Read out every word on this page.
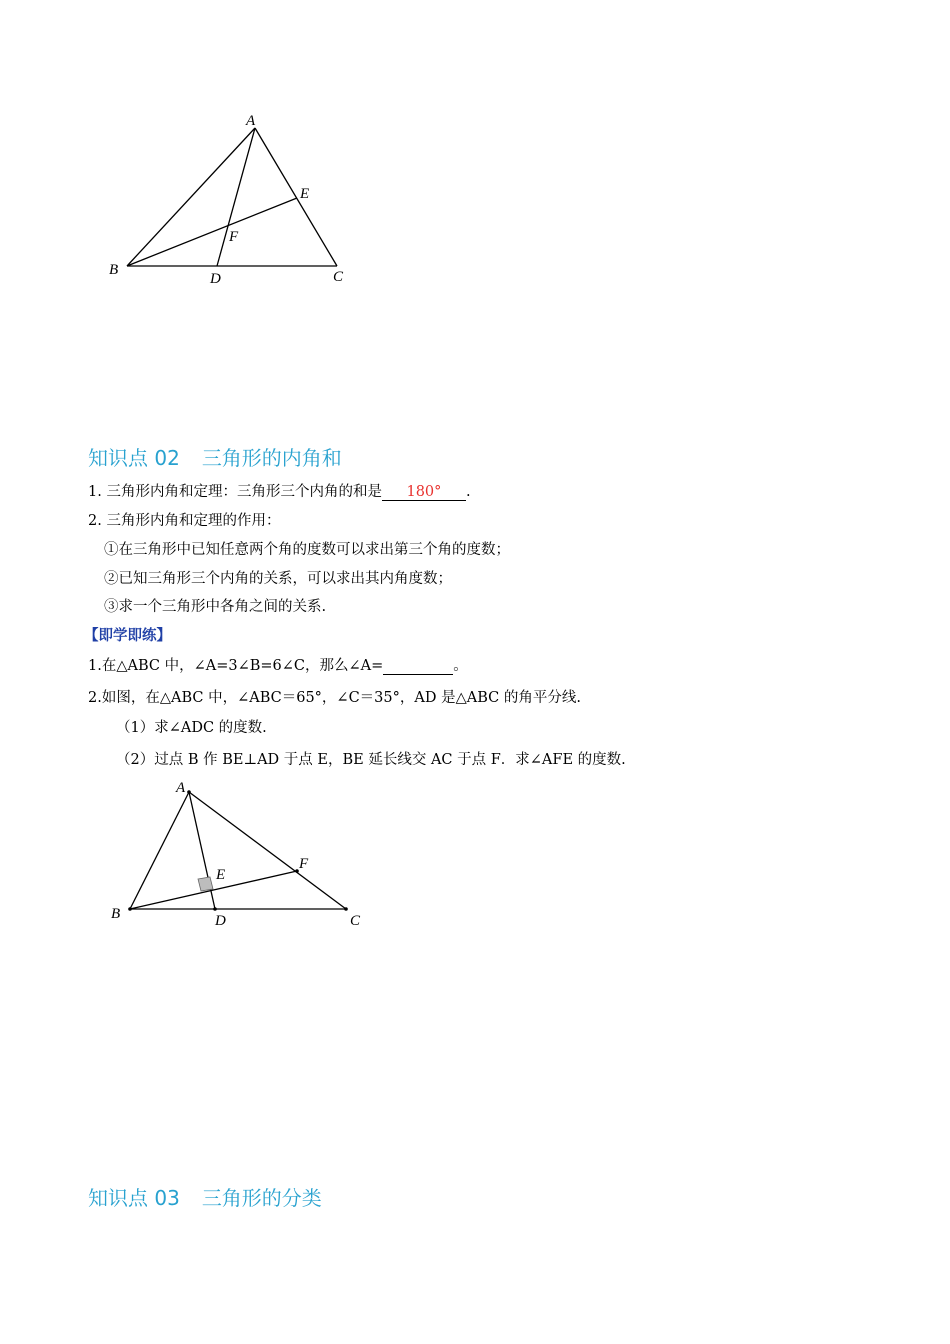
A
B	C
D
E
F
知识点 02 三角形的内角和
1. 三角形内角和定理：三角形三个内角的和是 180° .
2. 三角形内角和定理的作用：
①在三角形中已知任意两个角的度数可以求出第三个角的度数；
②已知三角形三个内角的关系，可以求出其内角度数；
③求一个三角形中各角之间的关系.
【即学即练】
1.在△ABC 中，∠A=3∠B=6∠C，那么∠A=	。
2.如图，在△ABC 中，∠ABC＝65°，∠C＝35°，AD 是△ABC 的角平分线.
（1）求∠ADC 的度数.
（2）过点 B 作 BE⊥AD 于点 E，BE 延长线交 AC 于点 F．求∠AFE 的度数.
A
B	C
D
E
F
知识点 03 三角形的分类
